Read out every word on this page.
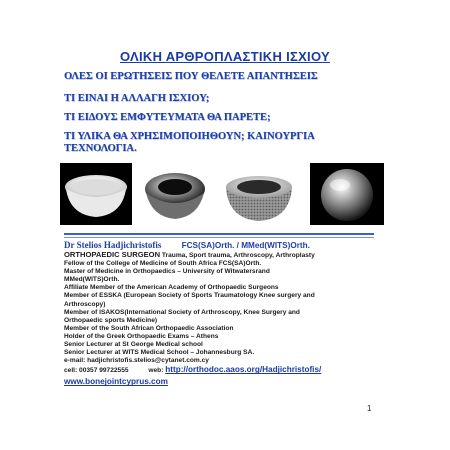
ΟΛΙΚΗ ΑΡΘΡΟΠΛΑΣΤΙΚΗ ΙΣΧΙΟΥ

ΟΛΕΣ ΟΙ ΕΡΩΤΗΣΕΙΣ ΠΟΥ ΘΕΛΕΤΕ ΑΠΑΝΤΗΣΕΙΣ

ΤΙ ΕΙΝΑΙ Η ΑΛΛΑΓΗ ΙΣΧΙΟΥ;

ΤΙ ΕΙΔΟΥΣ ΕΜΦΥΤΕΥΜΑΤΑ ΘΑ ΠΑΡΕΤΕ;

ΤΙ ΥΛΙΚΑ ΘΑ ΧΡΗΣΙΜΟΠΟΙΗΘΟΥΝ; ΚΑΙΝΟΥΡΓΙΑ ΤΕΧΝΟΛΟΓΙΑ.

Dr Stelios Hadjichristofis FCS(SA)Orth. / MMed(WITS)Orth.
ORTHOPAEDIC SURGEON Trauma, Sport trauma, Arthroscopy, Arthroplasty
Fellow of the College of Medicine of South Africa FCS(SA)Orth.
Master of Medicine in Orthopaedics – University of Witwatersrand
MMed(WITS)Orth.
Affiliate Member of the American Academy of Orthopaedic Surgeons
Member of ESSKA (European Society of Sports Traumatology Knee surgery and
Arthroscopy)
Member of ISAKOS(International Society of Arthroscopy, Knee Surgery and
Orthopaedic sports Medicine)
Member of the South African Orthopaedic Association
Holder of the Greek Orthopaedic Exams – Athens
Senior Lecturer at St George Medical school
Senior Lecturer at WITS Medical School – Johannesburg SA.
e-mail: hadjichristofis.stelios@cytanet.com.cy
cell: 00357 99722555	web: http://orthodoc.aaos.org/Hadjichristofis/
www.bonejointcyprus.com
1
